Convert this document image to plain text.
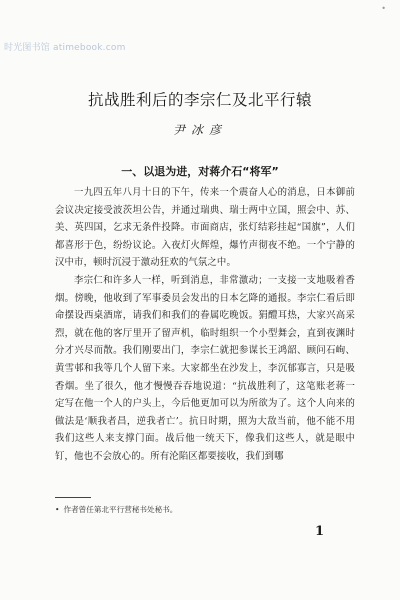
时光图书馆 atimebook.com
•
抗战胜利后的李宗仁及北平行辕
尹冰彦
一、以退为进，对蒋介石“将军”

一九四五年八月十日的下午，传来一个震奋人心的消息，日本御前会议决定接受波茨坦公告，并通过瑞典、瑞士两中立国，照会中、苏、美、英四国，乞求无条件投降。市面商店，张灯结彩挂起“国旗”，人们都喜形于色，纷纷议论。入夜灯火辉煌，爆竹声彻夜不绝。一个宁静的汉中市，顿时沉浸于激动狂欢的气氛之中。

李宗仁和许多人一样，听到消息，非常激动；一支接一支地吸着香烟。傍晚，他收到了军事委员会发出的日本乞降的通报。李宗仁看后即命摆设西桌酒席，请我们和我们的眷属吃晚饭。狷醴耳热，大家兴高采烈，就在他的客厅里开了留声机，临时组织一个小型舞会，直到夜渊时分才兴尽而散。我们刚要出门，李宗仁就把参谋长王鸿韶、顾问石峋、黄雪邨和我等几个人留下来。大家都坐在沙发上，李沉郁寡言，只是吸香烟。坐了很久，他才慢慢吞吞地说道：“抗战胜利了，这笔账老蒋一定写在他一个人的户头上，今后他更加可以为所欲为了。这个人向来的做法是‘顺我者昌，逆我者亡’。抗日时期，照为大敌当前，他不能不用我们这些人来支撑门面。战后他一统天下，像我们这些人，就是眼中钉，他也不会放心的。所有沦陷区都要接收，我们到哪

• 作者曾任第北平行营秘书处秘书。
1
